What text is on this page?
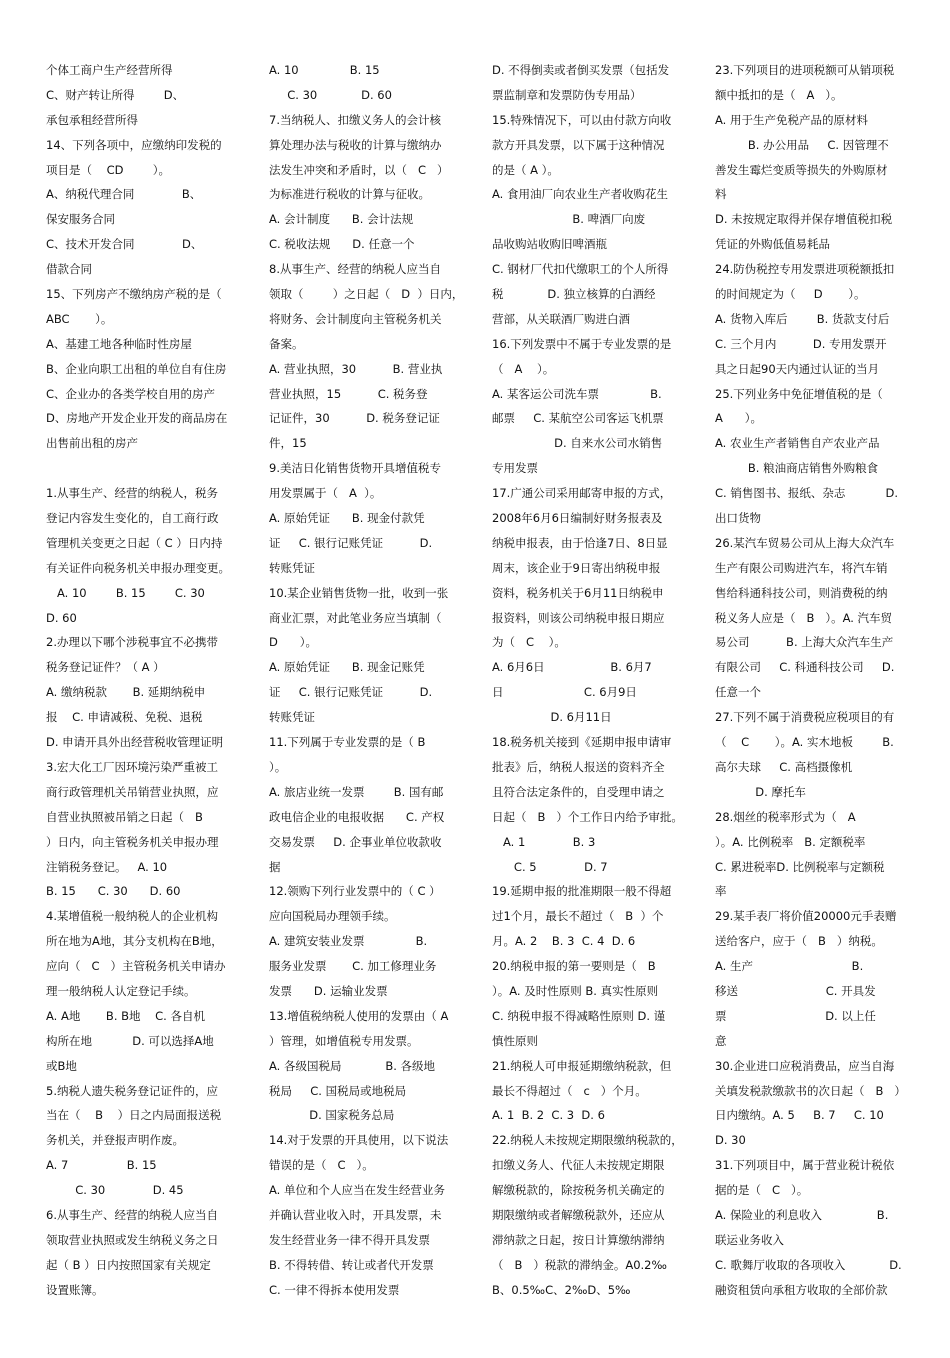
个体工商户生产经营所得
C、财产转让所得        D、
承包承租经营所得
14、下列各项中，应缴纳印发税的
项目是（    CD        ）。
A、纳税代理合同             B、
保安服务合同
C、技术开发合同             D、
借款合同
15、下列房产不缴纳房产税的是（
ABC       ）。
A、基建工地各种临时性房屋
B、企业向职工出租的单位自有住房
C、企业办的各类学校自用的房产
D、房地产开发企业开发的商品房在
出售前出租的房产
1.从事生产、经营的纳税人，税务
登记内容发生变化的，自工商行政
管理机关变更之日起（ C ）日内持
有关证件向税务机关申报办理变更。
A. 10        B. 15        C. 30
D. 60
2.办理以下哪个涉税事宜不必携带
税务登记证件？（ A ）
A. 缴纳税款       B. 延期纳税申
报    C. 申请减税、免税、退税
D. 申请开具外出经营税收管理证明
3.宏大化工厂因环境污染严重被工
商行政管理机关吊销营业执照，应
自营业执照被吊销之日起（   B
）日内，向主管税务机关申报办理
注销税务登记。   A. 10
B. 15      C. 30      D. 60
4.某增值税一般纳税人的企业机构
所在地为A地，其分支机构在B地，
应向（   C   ）主管税务机关申请办
理一般纳税人认定登记手续。
A. A地       B. B地    C. 各自机
构所在地           D. 可以选择A地
或B地
5.纳税人遗失税务登记证件的，应
当在（    B    ）日之内局面报送税
务机关，并登报声明作废。
A. 7                B. 15
C. 30             D. 45
6.从事生产、经营的纳税人应当自
领取营业执照或发生纳税义务之日
起（ B ）日内按照国家有关规定
设置账簿。
A. 10              B. 15
C. 30            D. 60
7.当纳税人、扣缴义务人的会计核
算处理办法与税收的计算与缴纳办
法发生冲突和矛盾时，以（   C   ）
为标准进行税收的计算与征收。
A. 会计制度      B. 会计法规
C. 税收法规      D. 任意一个
8.从事生产、经营的纳税人应当自
领取（        ）之日起（   D  ）日内，
将财务、会计制度向主管税务机关
备案。
A. 营业执照，30          B. 营业执
营业执照，15          C. 税务登
记证件，30          D. 税务登记证
件，15
9.美洁日化销售货物开具增值税专
用发票属于（   A  ）。
A. 原始凭证      B. 现金付款凭
证     C. 银行记账凭证          D.
转账凭证
10.某企业销售货物一批，收到一张
商业汇票，对此笔业务应当填制（
D      ）。
A. 原始凭证      B. 现金记账凭
证     C. 银行记账凭证          D.
转账凭证
11.下列属于专业发票的是（ B
）。
A. 旅店业统一发票        B. 国有邮
政电信企业的电报收据      C. 产权
交易发票     D. 企事业单位收款收
据
12.领购下列行业发票中的（ C ）
应向国税局办理领手续。
A. 建筑安装业发票              B.
服务业发票       C. 加工修理业务
发票      D. 运输业发票
13.增值税纳税人使用的发票由（ A
）管理，如增值税专用发票。
A. 各级国税局            B. 各级地
税局     C. 国税局或地税局
D. 国家税务总局
14.对于发票的开具使用，以下说法
错误的是（   C   ）。
A. 单位和个人应当在发生经营业务
并确认营业收入时，开具发票，未
发生经营业务一律不得开具发票
B. 不得转借、转让或者代开发票
C. 一律不得拆本使用发票
D. 不得倒卖或者倒买发票（包括发
票监制章和发票防伪专用品）
15.特殊情况下，可以由付款方向收
款方开具发票，以下属于这种情况
的是（ A ）。
A. 食用油厂向农业生产者收购花生
B. 啤酒厂向废
品收购站收购旧啤酒瓶
C. 钢材厂代扣代缴职工的个人所得
税            D. 独立核算的白酒经
营部，从关联酒厂购进白酒
16.下列发票中不属于专业发票的是
（   A    ）。
A. 某客运公司洗车票              B.
邮票     C. 某航空公司客运飞机票
D. 自来水公司水销售
专用发票
17.广通公司采用邮寄申报的方式，
2008年6月6日编制好财务报表及
纳税申报表，由于恰逢7日、8日显
周末，该企业于9日寄出纳税申报
资料，税务机关于6月11日纳税申
报资料，则该公司纳税申报日期应
为（   C    ）。
A. 6月6日                  B. 6月7
日                      C. 6月9日
D. 6月11日
18.税务机关接到《延期申报申请审
批表》后，纳税人报送的资料齐全
且符合法定条件的，自受理申请之
日起（   B   ）个工作日内给予审批。
A. 1             B. 3
C. 5             D. 7
19.延期申报的批准期限一般不得超
过1个月，最长不超过（   B  ）个
月。A. 2    B. 3  C. 4  D. 6
20.纳税申报的第一要则是（   B
）。A. 及时性原则 B. 真实性原则
C. 纳税申报不得减略性原则 D. 谨
慎性原则
21.纳税人可申报延期缴纳税款，但
最长不得超过（   c   ）个月。
A. 1  B. 2  C. 3  D. 6
22.纳税人未按规定期限缴纳税款的，
扣缴义务人、代征人未按规定期限
解缴税款的，除按税务机关确定的
期限缴纳或者解缴税款外，还应从
滞纳款之日起，按日计算缴纳滞纳
（   B   ）税款的滞纳金。A0.2‰
B、0.5‰C、2‰D、5‰
23.下列项目的进项税额可从销项税
额中抵扣的是（   A   ）。
A. 用于生产免税产品的原材料
B. 办公用品     C. 因管理不
善发生霉烂变质等损失的外购原材
料
D. 未按规定取得并保存增值税扣税
凭证的外购低值易耗品
24.防伪税控专用发票进项税额抵扣
的时间规定为（     D       ）。
A. 货物入库后        B. 货款支付后
C. 三个月内          D. 专用发票开
具之日起90天内通过认证的当月
25.下列业务中免征增值税的是（
A      ）。
A. 农业生产者销售自产农业产品
B. 粮油商店销售外购粮食
C. 销售图书、报纸、杂志           D.
出口货物
26.某汽车贸易公司从上海大众汽车
生产有限公司购进汽车，将汽车销
售给科通科技公司，则消费税的纳
税义务人应是（   B   ）。A. 汽车贸
易公司          B. 上海大众汽车生产
有限公司     C. 科通科技公司     D.
任意一个
27.下列不属于消费税应税项目的有
（    C       ）。A. 实木地板        B.
高尔夫球     C. 高档摄像机
D. 摩托车
28.烟丝的税率形式为（   A
）。A. 比例税率   B. 定额税率
C. 累进税率D. 比例税率与定额税
率
29.某手表厂将价值20000元手表赠
送给客户，应于（   B   ）纳税。
A. 生产                           B.
移送                        C. 开具发
票                           D. 以上任
意
30.企业进口应税消费品，应当自海
关填发税款缴款书的次日起（   B   ）
日内缴纳。A. 5     B. 7     C. 10
D. 30
31.下列项目中，属于营业税计税依
据的是（   C   ）。
A. 保险业的利息收入               B.
联运业务收入
C. 歌舞厅收取的各项收入            D.
融资租赁向承租方收取的全部价款
